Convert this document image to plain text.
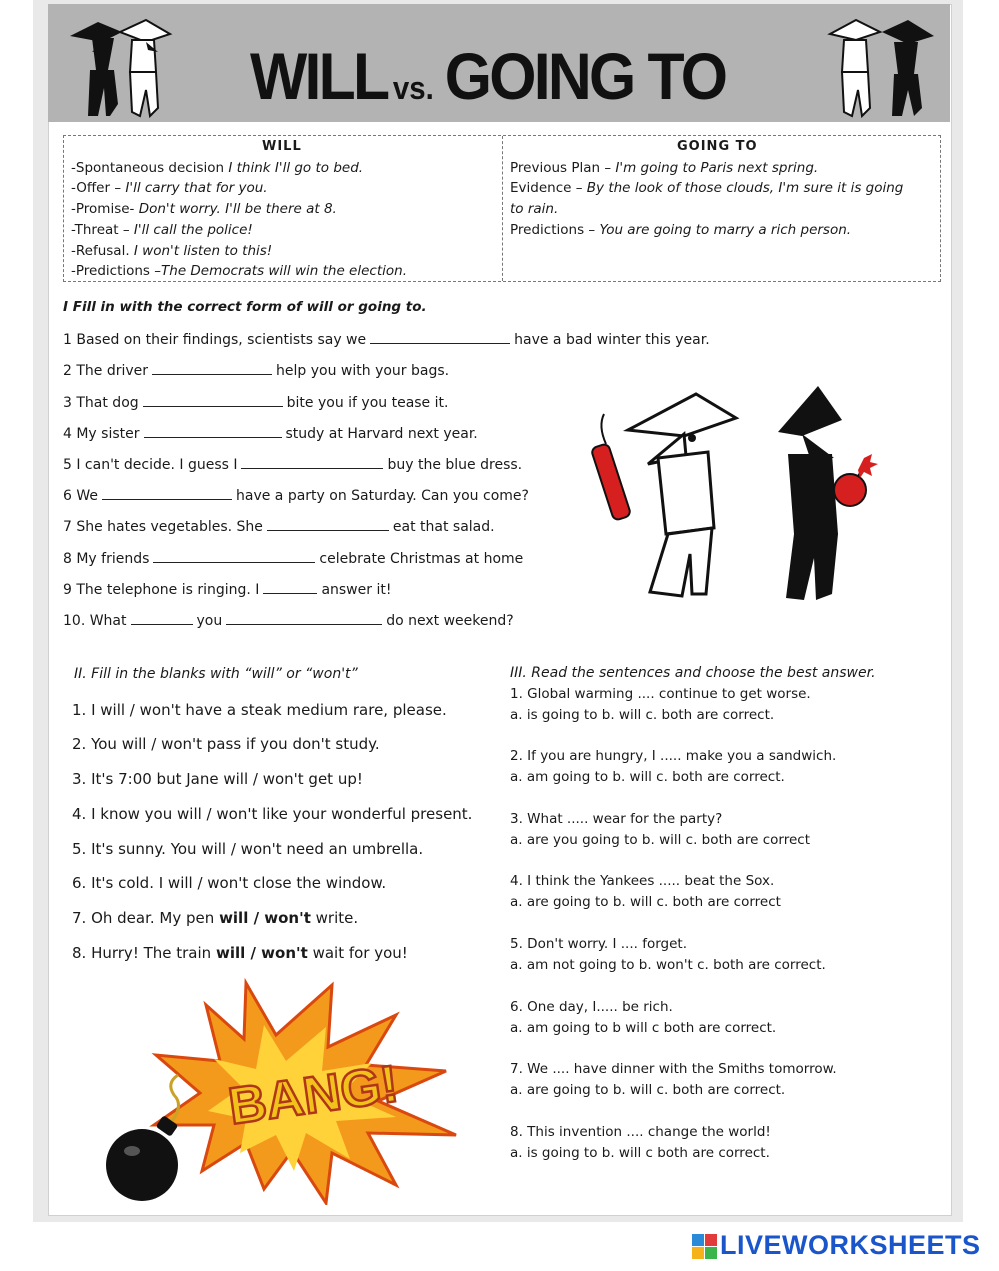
WILL vs. GOING TO
WILL	GOING TO
-Spontaneous decision I think I'll go to bed.
-Offer – I'll carry that for you.
-Promise- Don't worry. I'll be there at 8.
-Threat – I'll call the police!
-Refusal. I won't listen to this!
-Predictions –The Democrats will win the election.
Previous Plan – I'm going to Paris next spring.
Evidence – By the look of those clouds, I'm sure it is going
to rain.
Predictions – You are going to marry a rich person.
I Fill in with the correct form of will or going to.
1 Based on their findings, scientists say we	have a bad winter this year.
2 The driver	help you with your bags.
3 That dog	bite you if you tease it.
4 My sister	study at Harvard next year.
5 I can't decide. I guess I	buy the blue dress.
6 We	have a party on Saturday. Can you come?
7 She hates vegetables. She	eat that salad.
8 My friends	celebrate Christmas at home
9 The telephone is ringing. I	answer it!
10. What	you	do next weekend?
II. Fill in the blanks with “will” or “won't”
1. I will / won't have a steak medium rare, please.
2. You will / won't pass if you don't study.
3. It's 7:00 but Jane will / won't get up!
4. I know you will / won't like your wonderful present.
5. It's sunny. You will / won't need an umbrella.
6. It's cold. I will / won't close the window.
7. Oh dear. My pen will / won't write.
8. Hurry! The train will / won't wait for you!
BANG!
III. Read the sentences and choose the best answer.
1. Global warming .... continue to get worse.
a. is going to b. will c. both are correct.
2. If you are hungry, I ..... make you a sandwich.
a. am going to b. will c. both are correct.
3. What ..... wear for the party?
a. are you going to b. will c. both are correct
4. I think the Yankees ..... beat the Sox.
a. are going to b. will c. both are correct
5. Don't worry. I .... forget.
a. am not going to b. won't c. both are correct.
6. One day, I..... be rich.
a. am going to b will c both are correct.
7. We .... have dinner with the Smiths tomorrow.
a. are going to b. will c. both are correct.
8. This invention .... change the world!
a. is going to b. will c both are correct.
LIVEWORKSHEETS
